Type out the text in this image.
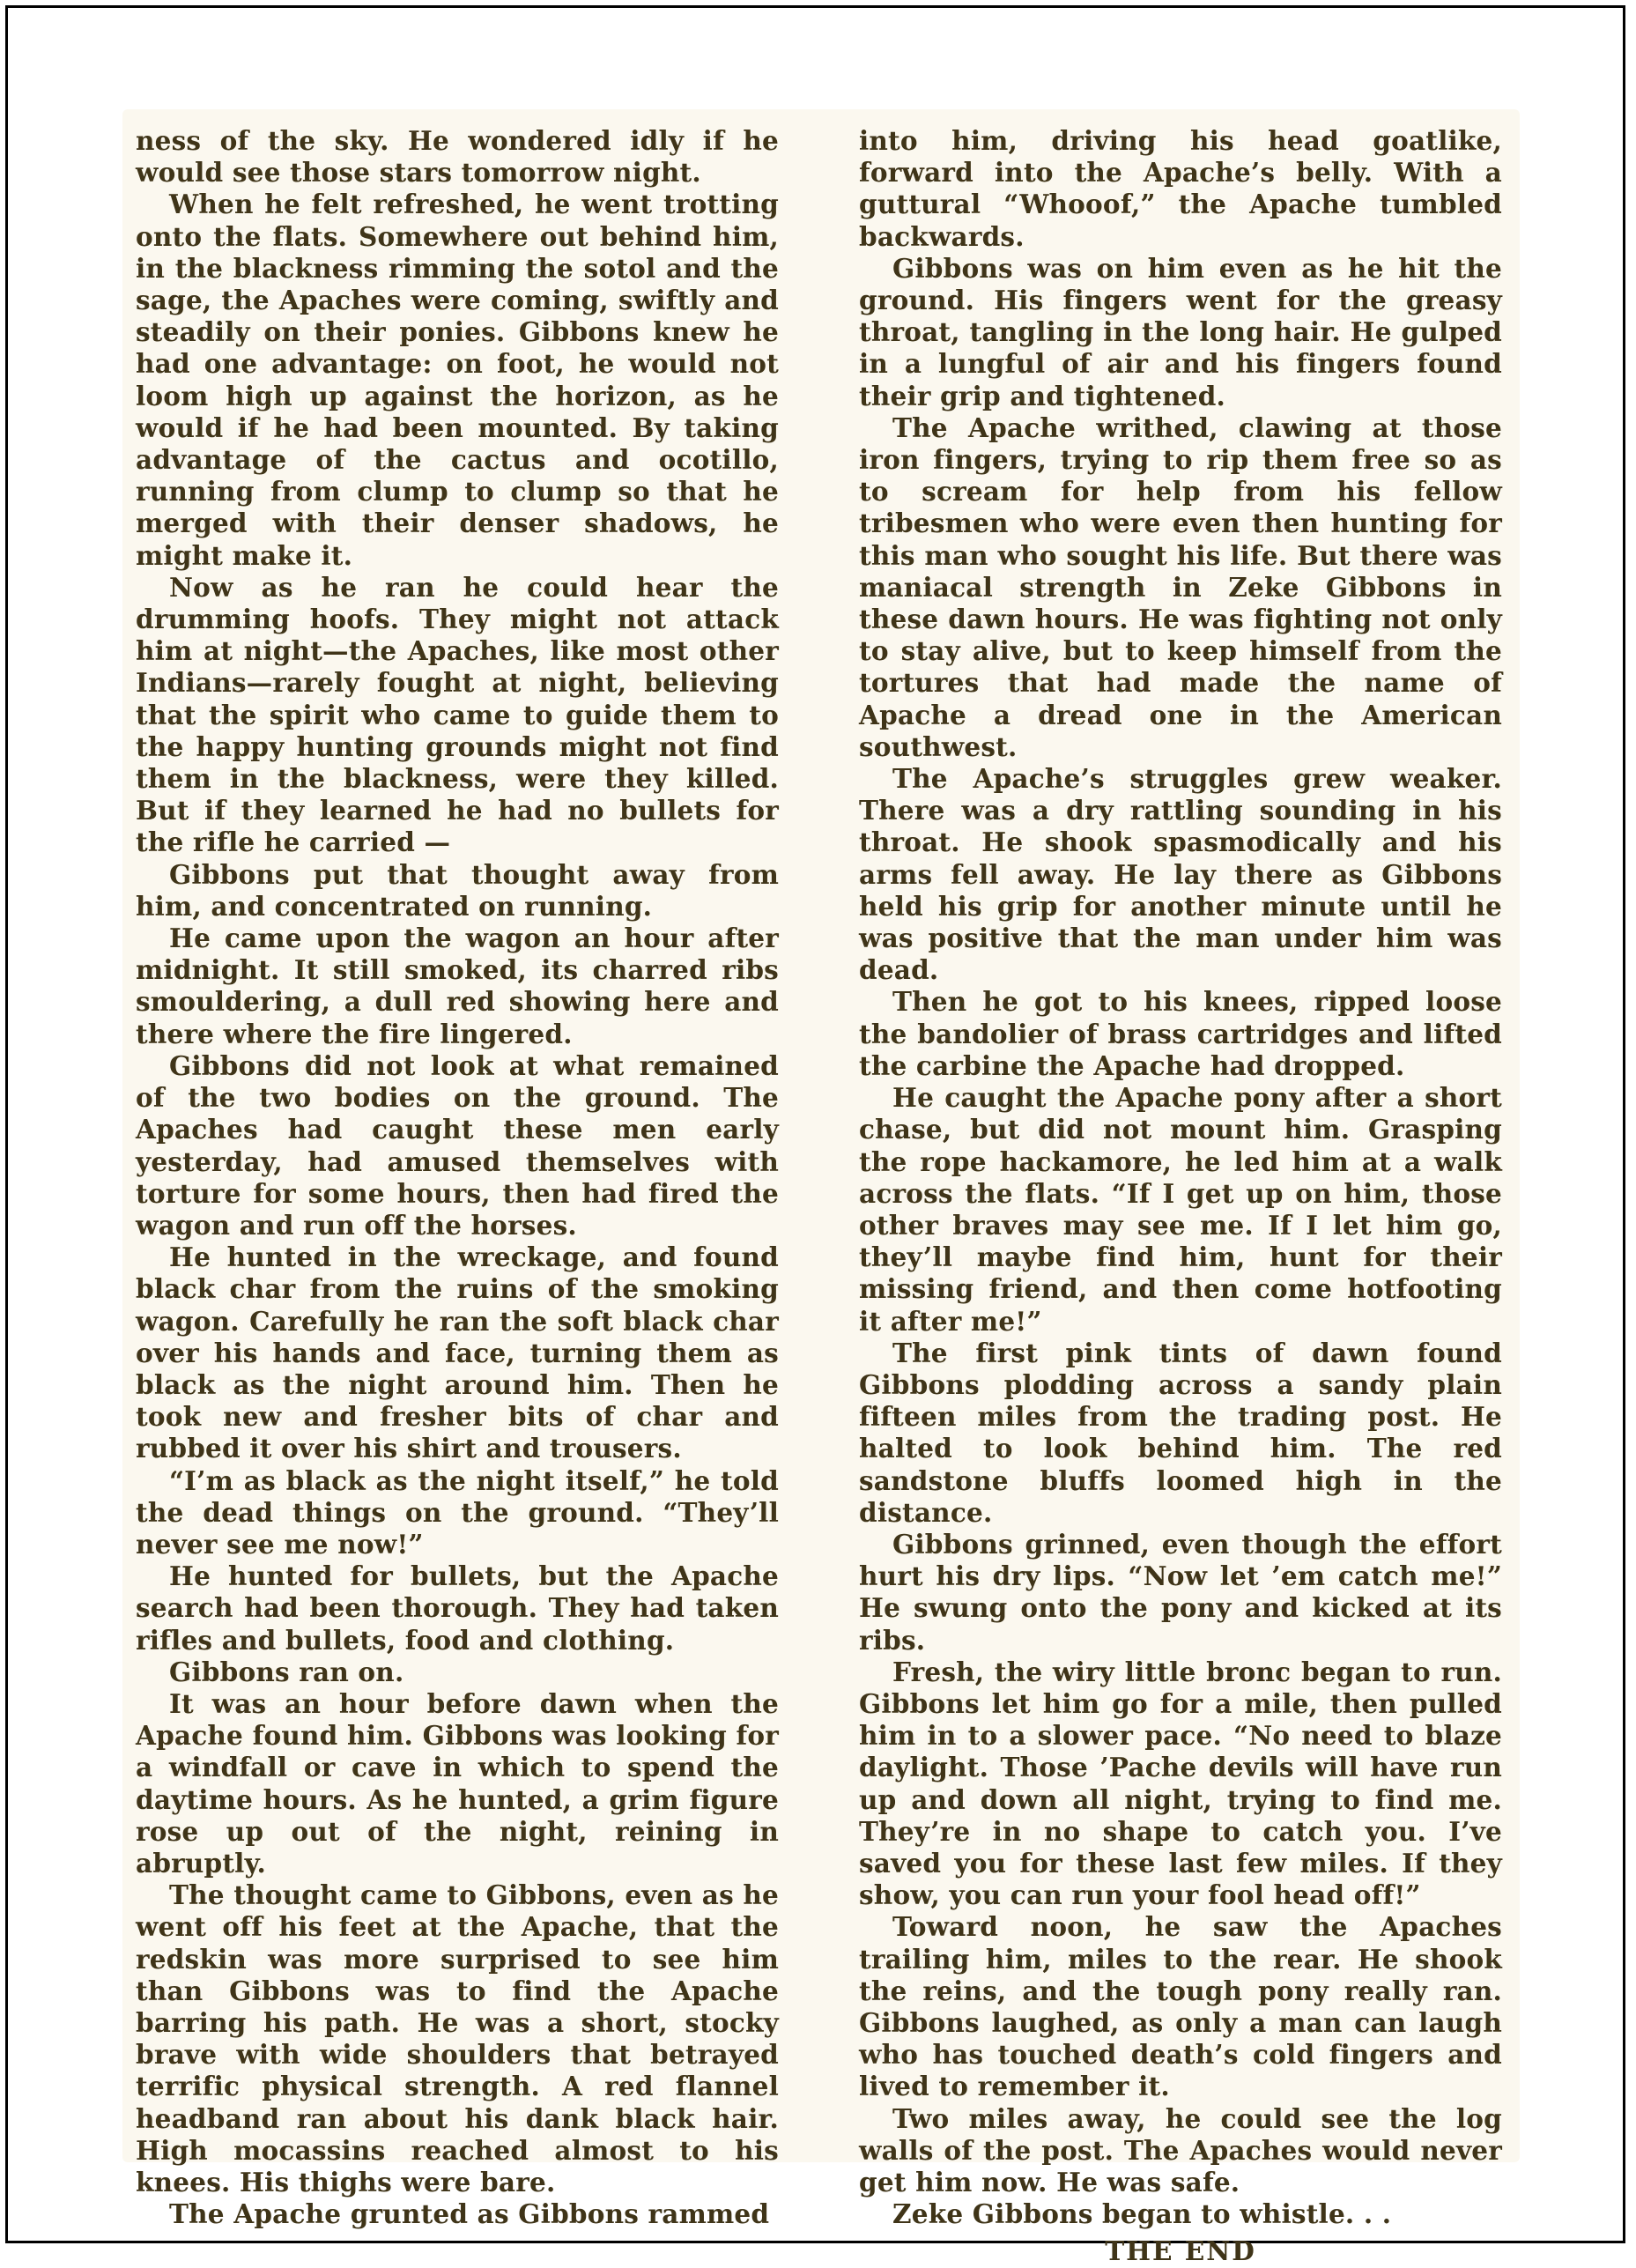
ness of the sky. He wondered idly if he would see those stars tomorrow night.

When he felt refreshed, he went trotting onto the flats. Somewhere out behind him, in the blackness rimming the sotol and the sage, the Apaches were coming, swiftly and steadily on their ponies. Gibbons knew he had one advantage: on foot, he would not loom high up against the horizon, as he would if he had been mounted. By taking advantage of the cactus and ocotillo, running from clump to clump so that he merged with their denser shadows, he might make it.

Now as he ran he could hear the drumming hoofs. They might not attack him at night—the Apaches, like most other Indians—rarely fought at night, believing that the spirit who came to guide them to the happy hunting grounds might not find them in the blackness, were they killed. But if they learned he had no bullets for the rifle he carried —

Gibbons put that thought away from him, and concentrated on running.

He came upon the wagon an hour after midnight. It still smoked, its charred ribs smouldering, a dull red showing here and there where the fire lingered.

Gibbons did not look at what remained of the two bodies on the ground. The Apaches had caught these men early yesterday, had amused themselves with torture for some hours, then had fired the wagon and run off the horses.

He hunted in the wreckage, and found black char from the ruins of the smoking wagon. Carefully he ran the soft black char over his hands and face, turning them as black as the night around him. Then he took new and fresher bits of char and rubbed it over his shirt and trousers.

“I’m as black as the night itself,” he told the dead things on the ground. “They’ll never see me now!”

He hunted for bullets, but the Apache search had been thorough. They had taken rifles and bullets, food and clothing.

Gibbons ran on.

It was an hour before dawn when the Apache found him. Gibbons was looking for a windfall or cave in which to spend the daytime hours. As he hunted, a grim figure rose up out of the night, reining in abruptly.

The thought came to Gibbons, even as he went off his feet at the Apache, that the redskin was more surprised to see him than Gibbons was to find the Apache barring his path. He was a short, stocky brave with wide shoulders that betrayed terrific physical strength. A red flannel headband ran about his dank black hair. High mocassins reached almost to his knees. His thighs were bare.

The Apache grunted as Gibbons rammed

into him, driving his head goatlike, forward into the Apache’s belly. With a guttural “Whooof,” the Apache tumbled backwards.

Gibbons was on him even as he hit the ground. His fingers went for the greasy throat, tangling in the long hair. He gulped in a lungful of air and his fingers found their grip and tightened.

The Apache writhed, clawing at those iron fingers, trying to rip them free so as to scream for help from his fellow tribesmen who were even then hunting for this man who sought his life. But there was maniacal strength in Zeke Gibbons in these dawn hours. He was fighting not only to stay alive, but to keep himself from the tortures that had made the name of Apache a dread one in the American southwest.

The Apache’s struggles grew weaker. There was a dry rattling sounding in his throat. He shook spasmodically and his arms fell away. He lay there as Gibbons held his grip for another minute until he was positive that the man under him was dead.

Then he got to his knees, ripped loose the bandolier of brass cartridges and lifted the carbine the Apache had dropped.

He caught the Apache pony after a short chase, but did not mount him. Grasping the rope hackamore, he led him at a walk across the flats. “If I get up on him, those other braves may see me. If I let him go, they’ll maybe find him, hunt for their missing friend, and then come hotfooting it after me!”

The first pink tints of dawn found Gibbons plodding across a sandy plain fifteen miles from the trading post. He halted to look behind him. The red sandstone bluffs loomed high in the distance.

Gibbons grinned, even though the effort hurt his dry lips. “Now let ’em catch me!” He swung onto the pony and kicked at its ribs.

Fresh, the wiry little bronc began to run. Gibbons let him go for a mile, then pulled him in to a slower pace. “No need to blaze daylight. Those ’Pache devils will have run up and down all night, trying to find me. They’re in no shape to catch you. I’ve saved you for these last few miles. If they show, you can run your fool head off!”

Toward noon, he saw the Apaches trailing him, miles to the rear. He shook the reins, and the tough pony really ran. Gibbons laughed, as only a man can laugh who has touched death’s cold fingers and lived to remember it.

Two miles away, he could see the log walls of the post. The Apaches would never get him now. He was safe.

Zeke Gibbons began to whistle. . .

THE END
